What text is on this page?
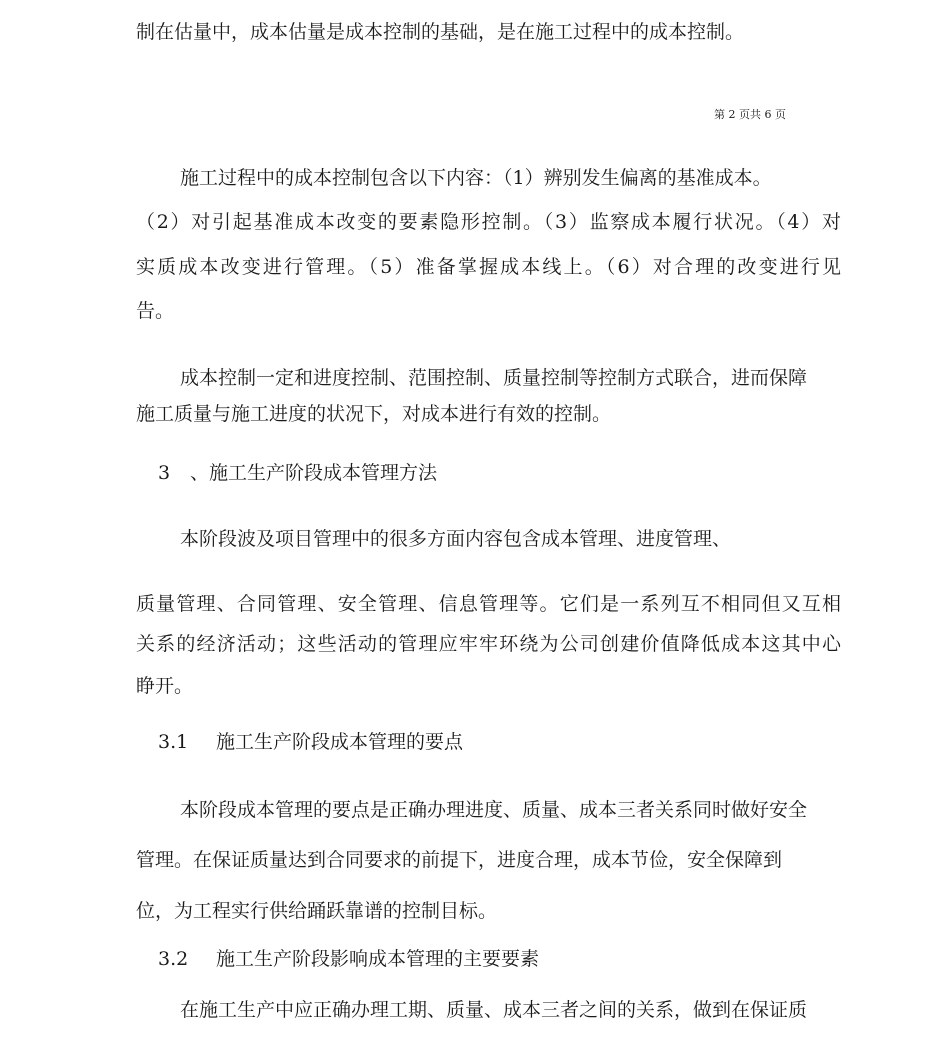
制在估量中，成本估量是成本控制的基础，是在施工过程中的成本控制。
第 2 页共 6 页
施工过程中的成本控制包含以下内容：（1）辨别发生偏离的基准成本。
（2）对引起基准成本改变的要素隐形控制。（3）监察成本履行状况。（4）对
实质成本改变进行管理。（5）准备掌握成本线上。（6）对合理的改变进行见
告。
成本控制一定和进度控制、范围控制、质量控制等控制方式联合，进而保障
施工质量与施工进度的状况下，对成本进行有效的控制。
3 、施工生产阶段成本管理方法
本阶段波及项目管理中的很多方面内容包含成本管理、进度管理、
质量管理、合同管理、安全管理、信息管理等。它们是一系列互不相同但又互相
关系的经济活动；这些活动的管理应牢牢环绕为公司创建价值降低成本这其中心
睁开。
3.1 施工生产阶段成本管理的要点
本阶段成本管理的要点是正确办理进度、质量、成本三者关系同时做好安全
管理。在保证质量达到合同要求的前提下，进度合理，成本节俭，安全保障到
位，为工程实行供给踊跃靠谱的控制目标。
3.2 施工生产阶段影响成本管理的主要要素
在施工生产中应正确办理工期、质量、成本三者之间的关系，做到在保证质
